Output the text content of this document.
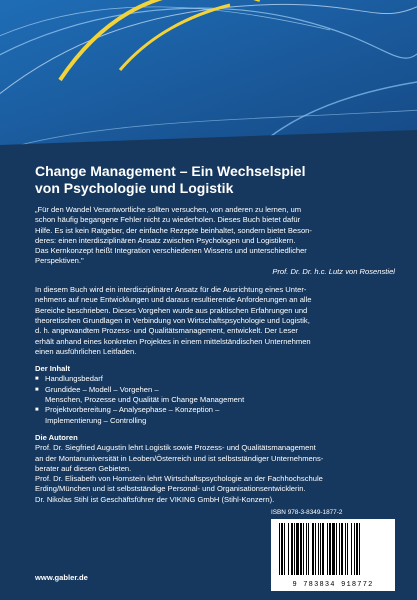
Change Management – Ein Wechselspiel
von Psychologie und Logistik

„Für den Wandel Verantwortliche sollten versuchen, von anderen zu lernen, um
schon häufig begangene Fehler nicht zu wiederholen. Dieses Buch bietet dafür
Hilfe. Es ist kein Ratgeber, der einfache Rezepte beinhaltet, sondern bietet Beson-
deres: einen interdisziplinären Ansatz zwischen Psychologen und Logistikern.
Das Kernkonzept heißt Integration verschiedenen Wissens und unterschiedlicher
Perspektiven."

Prof. Dr. Dr. h.c. Lutz von Rosenstiel

In diesem Buch wird ein interdisziplinärer Ansatz für die Ausrichtung eines Unter-
nehmens auf neue Entwicklungen und daraus resultierende Anforderungen an alle
Bereiche beschrieben. Dieses Vorgehen wurde aus praktischen Erfahrungen und
theoretischen Grundlagen in Verbindung von Wirtschaftspsychologie und Logistik,
d. h. angewandtem Prozess- und Qualitätsmanagement, entwickelt. Der Leser
erhält anhand eines konkreten Projektes in einem mittelständischen Unternehmen
einen ausführlichen Leitfaden.

Der Inhalt

■ Handlungsbedarf
■ Grundidee – Modell – Vorgehen –
Menschen, Prozesse und Qualität im Change Management
■ Projektvorbereitung – Analysephase – Konzeption –
Implementierung – Controlling

Die Autoren

Prof. Dr. Siegfried Augustin lehrt Logistik sowie Prozess- und Qualitätsmanagement

an der Montanuniversität in Leoben/Österreich und ist selbstständiger Unternehmens-

berater auf diesen Gebieten.

Prof. Dr. Elisabeth von Hornstein lehrt Wirtschaftspsychologie an der Fachhochschule

Erding/München und ist selbstständige Personal- und Organisationsentwicklerin.

Dr. Nikolas Stihl ist Geschäftsführer der VIKING GmbH (Stihl-Konzern).

ISBN 978-3-8349-1877-2

9 783834 918772
www.gabler.de
